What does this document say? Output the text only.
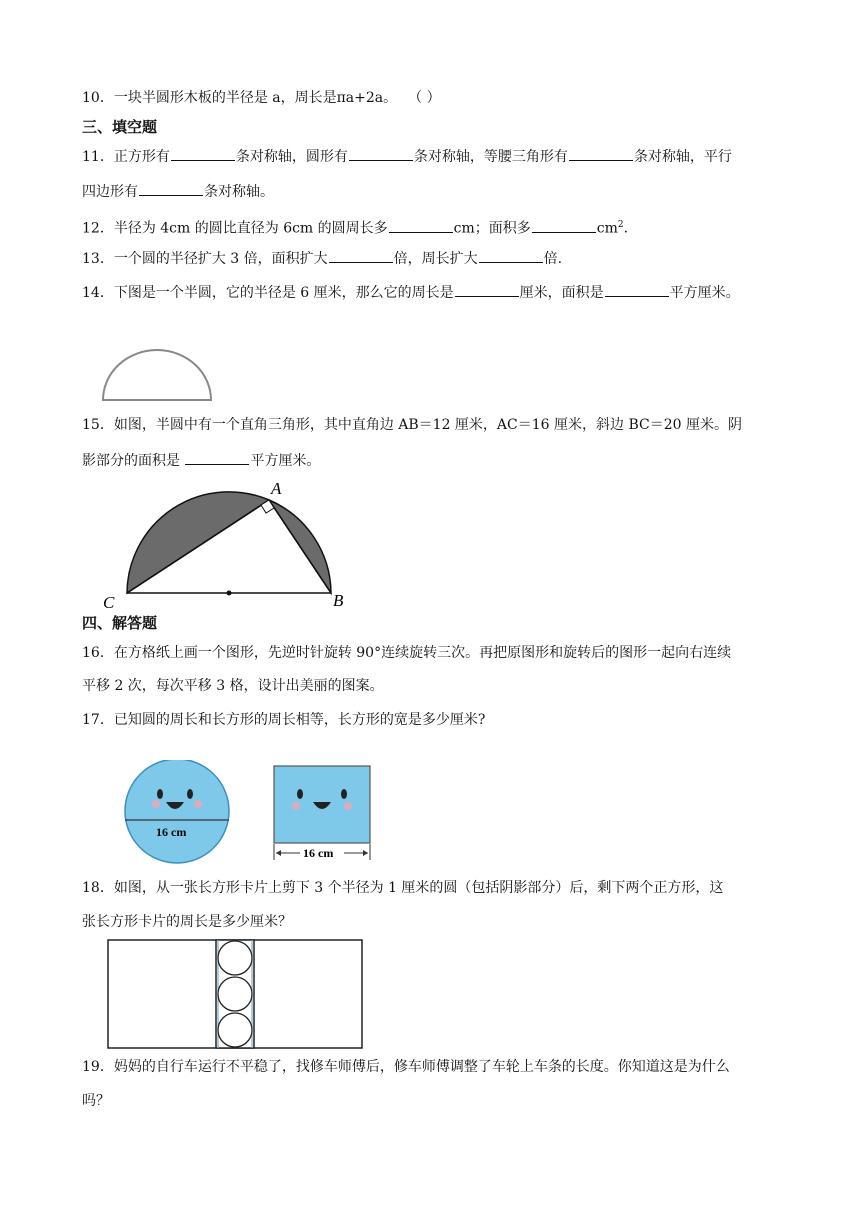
10．一块半圆形木板的半径是 a，周长是πa+2a。 （ ）
三、填空题
11．正方形有	条对称轴，圆形有	条对称轴，等腰三角形有	条对称轴，平行
四边形有	条对称轴。
12．半径为 4cm 的圆比直径为 6cm 的圆周长多	cm；面积多	$cm^2$.
13．一个圆的半径扩大 3 倍，面积扩大	倍，周长扩大	倍.
14．下图是一个半圆，它的半径是 6 厘米，那么它的周长是	厘米，面积是	平方厘米。
15．如图，半圆中有一个直角三角形，其中直角边 AB＝12 厘米，AC＝16 厘米，斜边 BC＝20 厘米。阴
影部分的面积是	平方厘米。
A
C	B
四、解答题
16．在方格纸上画一个图形，先逆时针旋转 90°连续旋转三次。再把原图形和旋转后的图形一起向右连续
平移 2 次，每次平移 3 格，设计出美丽的图案。
17．已知圆的周长和长方形的周长相等，长方形的宽是多少厘米?
16 cm
16 cm
18．如图，从一张长方形卡片上剪下 3 个半径为 1 厘米的圆（包括阴影部分）后，剩下两个正方形，这
张长方形卡片的周长是多少厘米？
19．妈妈的自行车运行不平稳了，找修车师傅后，修车师傅调整了车轮上车条的长度。你知道这是为什么
吗？
